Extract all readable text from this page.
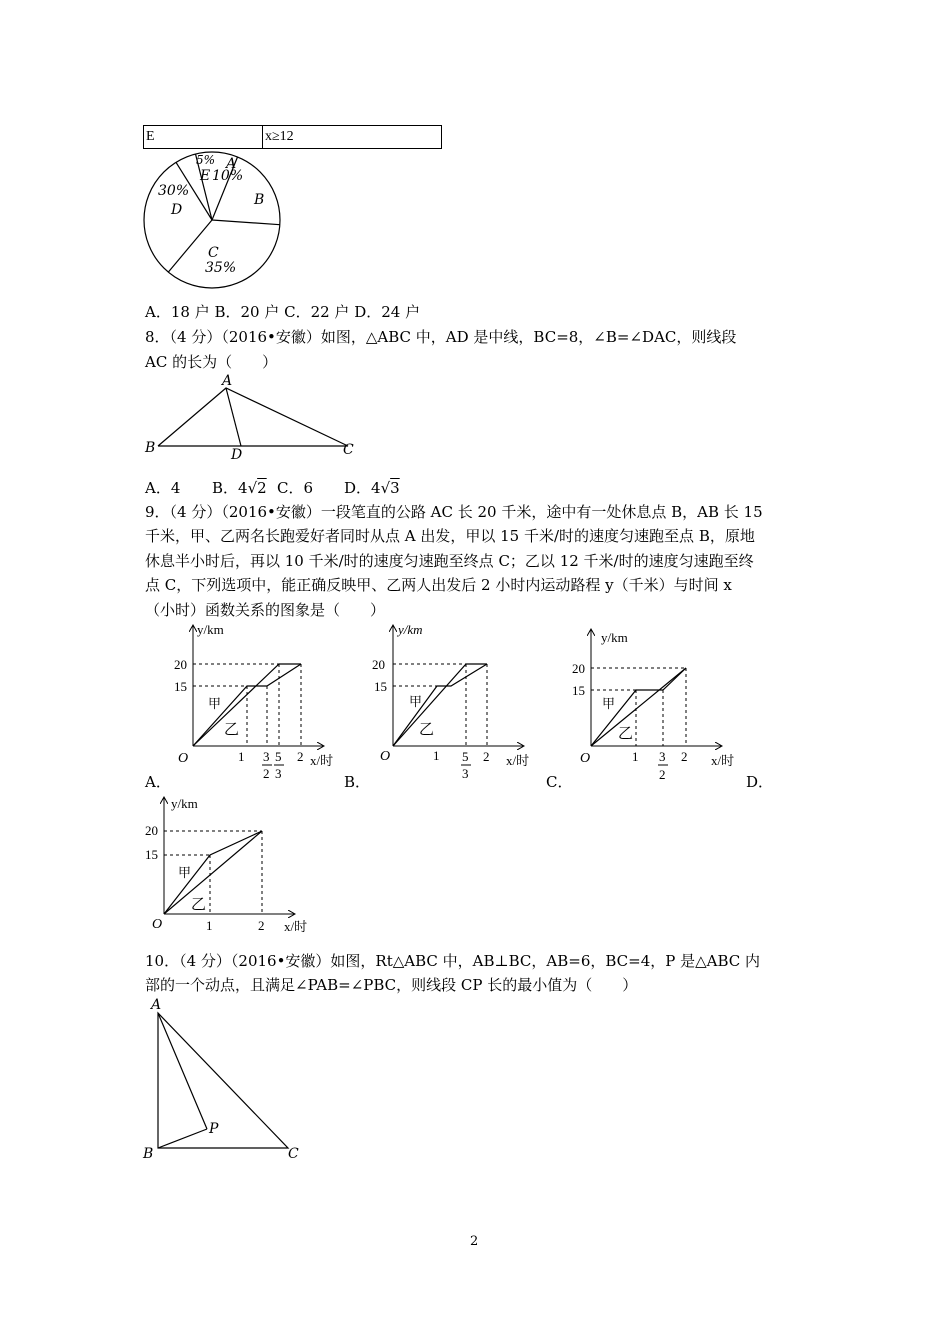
E	x≥12
A
10%
B
C
35%
D
30%
E
5%
A．18 户 B．20 户 C．22 户 D．24 户
8．（4 分）（2016•安徽）如图，△ABC 中，AD 是中线，BC=8，∠B=∠DAC，则线段
AC 的长为（　　）
A
B	C
D
A．4 B．4√2 C．6 D．4√3
9．（4 分）（2016•安徽）一段笔直的公路 AC 长 20 千米，途中有一处休息点 B，AB 长 15
千米，甲、乙两名长跑爱好者同时从点 A 出发，甲以 15 千米/时的速度匀速跑至点 B，原地
休息半小时后，再以 10 千米/时的速度匀速跑至终点 C；乙以 12 千米/时的速度匀速跑至终
点 C，下列选项中，能正确反映甲、乙两人出发后 2 小时内运动路程 y（千米）与时间 x
（小时）函数关系的图象是（　　）
y/km
20
15
O	1 3
2
5
3
2 x/时
甲
乙
A．
y/km
20
15
O	1 5
3
2 x/时
甲
乙
B．
y/km
20
15
O	1 3
2
2 x/时
甲
乙
C．	D．
y/km
20
15
O	1	2 x/时
甲
乙
10．（4 分）（2016•安徽）如图，Rt△ABC 中，AB⊥BC，AB=6，BC=4，P 是△ABC 内
部的一个动点，且满足∠PAB=∠PBC，则线段 CP 长的最小值为（　　）
A
B	C
P
2
